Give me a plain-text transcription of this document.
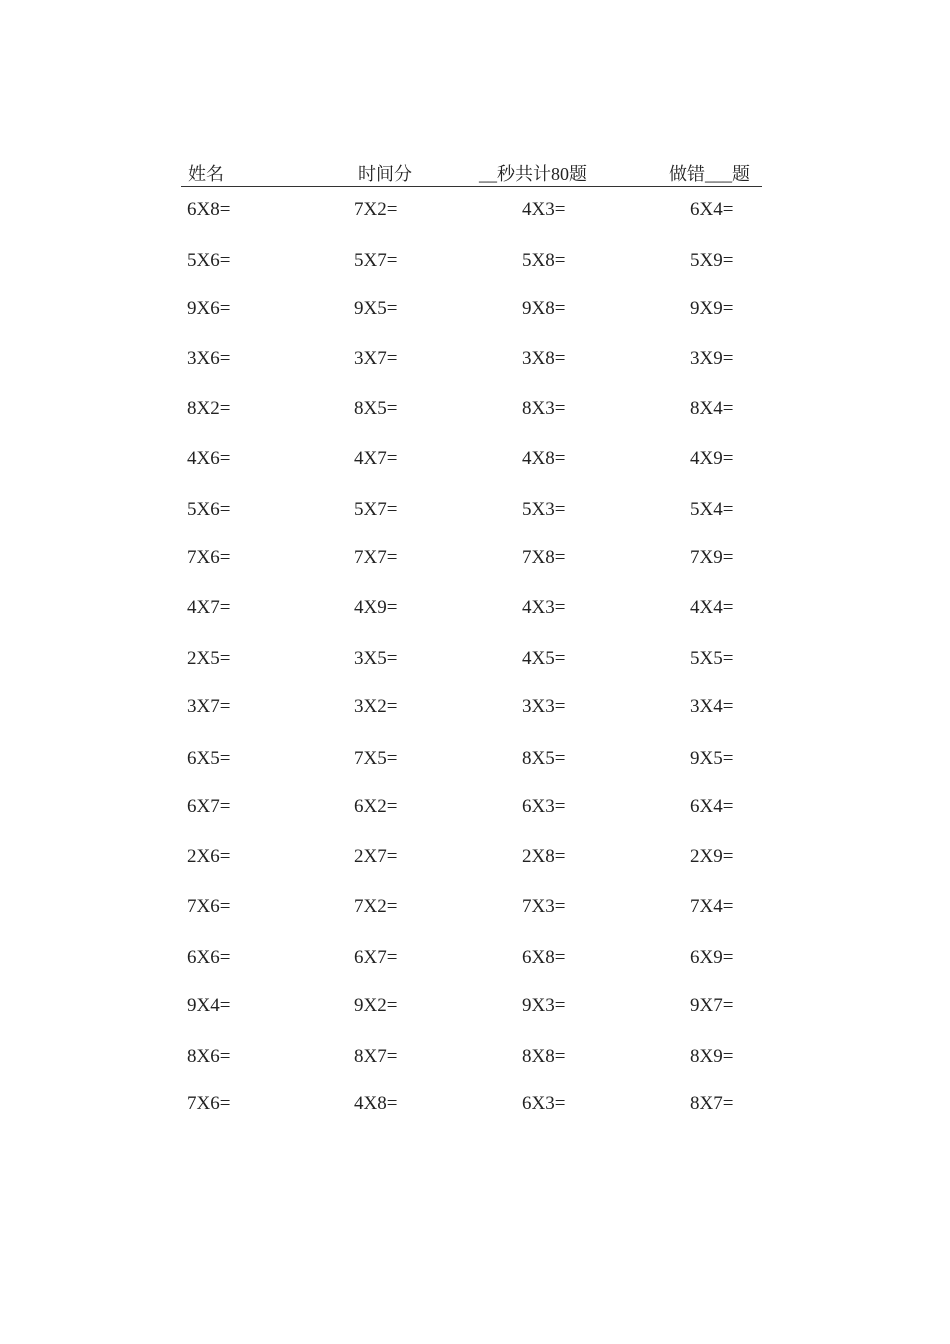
姓名	时间分	__秒共计80题	做错___题
6X8=	7X2=	4X3=	6X4=
5X6=	5X7=	5X8=	5X9=
9X6=	9X5=	9X8=	9X9=
3X6=	3X7=	3X8=	3X9=
8X2=	8X5=	8X3=	8X4=
4X6=	4X7=	4X8=	4X9=
5X6=	5X7=	5X3=	5X4=
7X6=	7X7=	7X8=	7X9=
4X7=	4X9=	4X3=	4X4=
2X5=	3X5=	4X5=	5X5=
3X7=	3X2=	3X3=	3X4=
6X5=	7X5=	8X5=	9X5=
6X7=	6X2=	6X3=	6X4=
2X6=	2X7=	2X8=	2X9=
7X6=	7X2=	7X3=	7X4=
6X6=	6X7=	6X8=	6X9=
9X4=	9X2=	9X3=	9X7=
8X6=	8X7=	8X8=	8X9=
7X6=	4X8=	6X3=	8X7=
